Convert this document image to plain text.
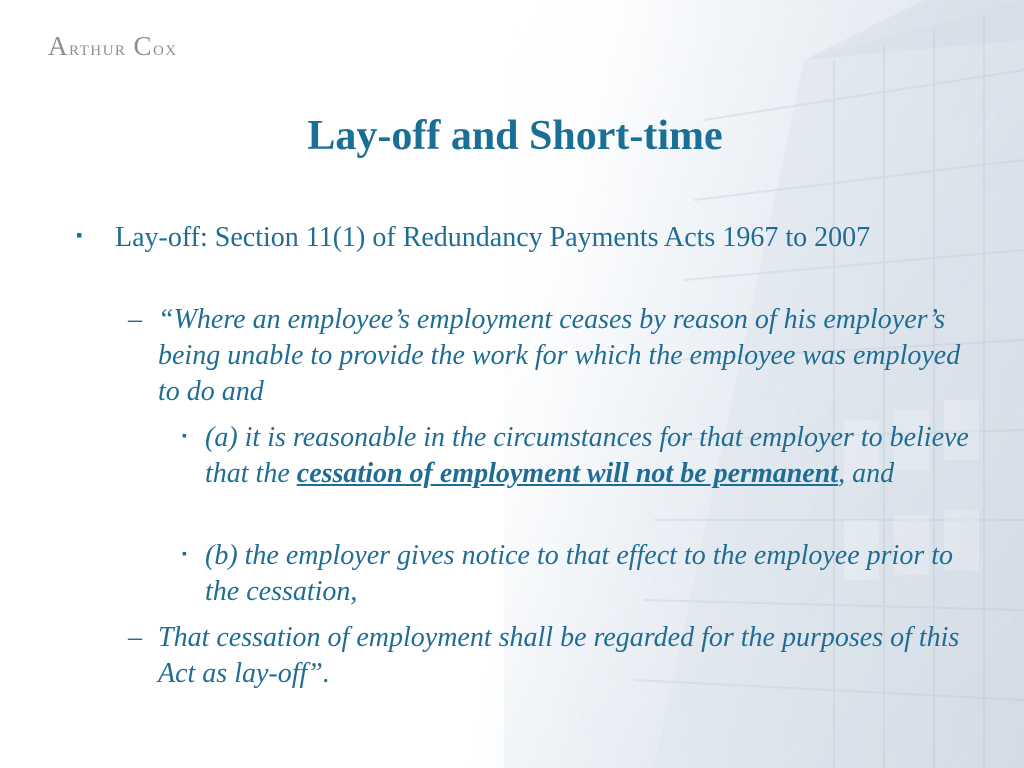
Arthur Cox
Lay-off and Short-time
▪ Lay-off: Section 11(1) of Redundancy Payments Acts 1967 to 2007

– “Where an employee’s employment ceases by reason of his employer’s being unable to provide the work for which the employee was employed to do and

▪ (a) it is reasonable in the circumstances for that employer to believe that the cessation of employment will not be permanent, and

▪ (b) the employer gives notice to that effect to the employee prior to the cessation,

– That cessation of employment shall be regarded for the purposes of this Act as lay-off”.
